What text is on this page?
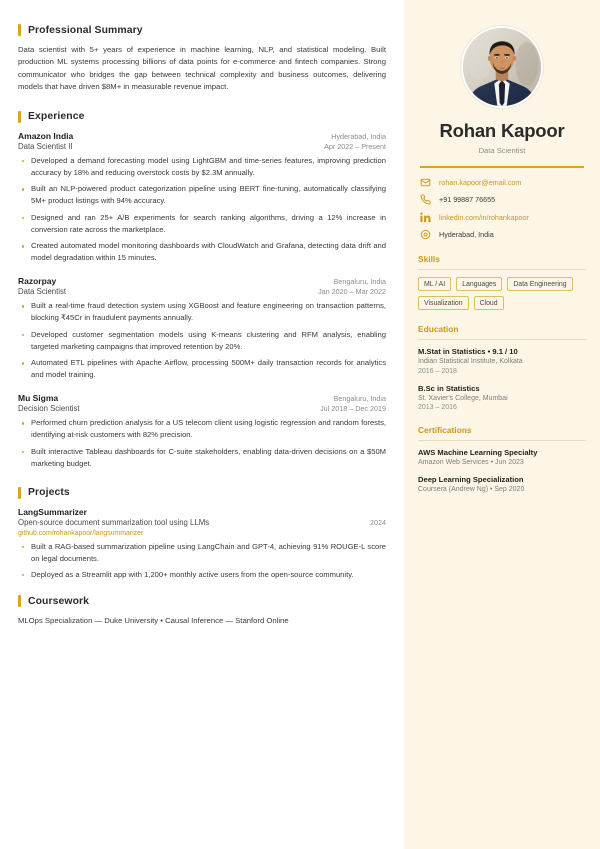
Professional Summary

Data scientist with 5+ years of experience in machine learning, NLP, and statistical modeling. Built production ML systems processing billions of data points for e-commerce and fintech companies. Strong communicator who bridges the gap between technical complexity and business outcomes, delivering models that have driven $8M+ in measurable revenue impact.

Experience
Amazon India	Hyderabad, India
Data Scientist II	Apr 2022 – Present
Developed a demand forecasting model using LightGBM and time-series features, improving prediction accuracy by 18% and reducing overstock costs by $2.3M annually.
Built an NLP-powered product categorization pipeline using BERT fine-tuning, automatically classifying 5M+ product listings with 94% accuracy.
Designed and ran 25+ A/B experiments for search ranking algorithms, driving a 12% increase in conversion rate across the marketplace.
Created automated model monitoring dashboards with CloudWatch and Grafana, detecting data drift and model degradation within 15 minutes.
Razorpay	Bengaluru, India
Data Scientist	Jan 2020 – Mar 2022
Built a real-time fraud detection system using XGBoost and feature engineering on transaction patterns, blocking ₹45Cr in fraudulent payments annually.
Developed customer segmentation models using K-means clustering and RFM analysis, enabling targeted marketing campaigns that improved retention by 20%.
Automated ETL pipelines with Apache Airflow, processing 500M+ daily transaction records for analytics and model training.
Mu Sigma	Bengaluru, India
Decision Scientist	Jul 2018 – Dec 2019
Performed churn prediction analysis for a US telecom client using logistic regression and random forests, identifying at-risk customers with 82% precision.
Built interactive Tableau dashboards for C-suite stakeholders, enabling data-driven decisions on a $50M marketing budget.
Projects
LangSummarizer
Open-source document summarization tool using LLMs	2024
github.com/rohankapoor/langsummarizer
Built a RAG-based summarization pipeline using LangChain and GPT-4, achieving 91% ROUGE-L score on legal documents.
Deployed as a Streamlit app with 1,200+ monthly active users from the open-source community.
Coursework

MLOps Specialization — Duke University • Causal Inference — Stanford Online

Rohan Kapoor
Data Scientist
rohan.kapoor@email.com
+91 99887 76655
linkedin.com/in/rohankapoor
Hyderabad, India
Skills
ML / AI	Languages	Data Engineering
Visualization	Cloud
Education
M.Stat in Statistics • 9.1 / 10
Indian Statistical Institute, Kolkata
2016 – 2018
B.Sc in Statistics
St. Xavier's College, Mumbai
2013 – 2016
Certifications
AWS Machine Learning Specialty
Amazon Web Services • Jun 2023
Deep Learning Specialization
Coursera (Andrew Ng) • Sep 2020
